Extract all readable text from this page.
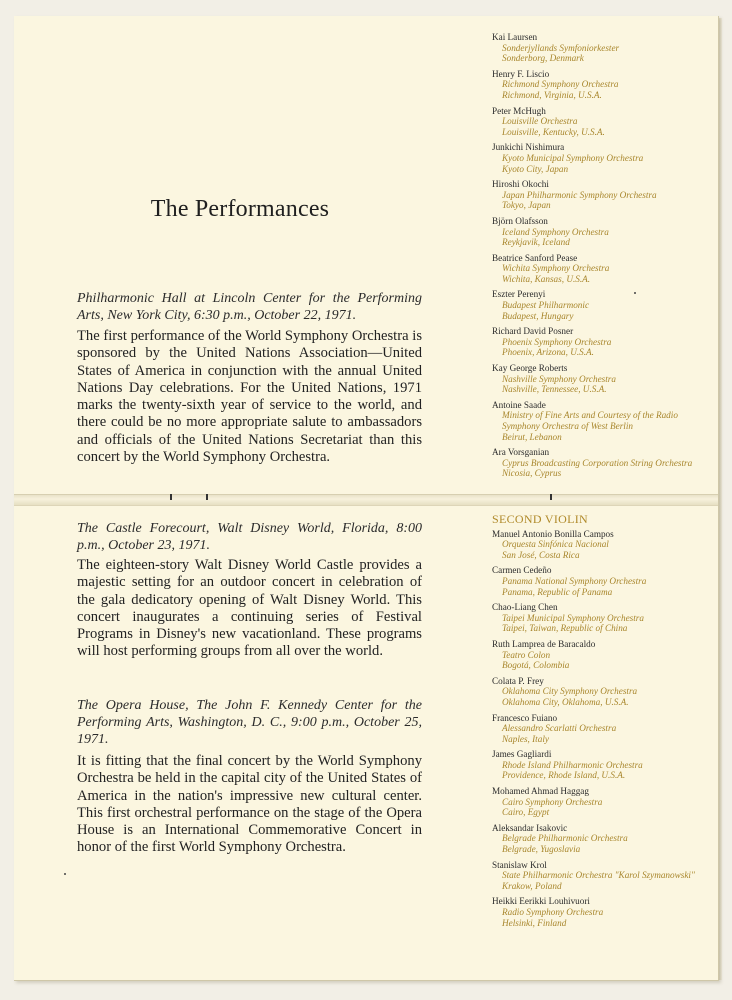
The Performances
Philharmonic Hall at Lincoln Center for the Performing Arts, New York City, 6:30 p.m., October 22, 1971.
The first performance of the World Symphony Orchestra is sponsored by the United Nations Association—United States of America in conjunction with the annual United Nations Day celebrations. For the United Nations, 1971 marks the twenty-sixth year of service to the world, and there could be no more appropriate salute to ambassadors and officials of the United Nations Secretariat than this concert by the World Symphony Orchestra.
The Castle Forecourt, Walt Disney World, Florida, 8:00 p.m., October 23, 1971.
The eighteen-story Walt Disney World Castle provides a majestic setting for an outdoor concert in celebration of the gala dedicatory opening of Walt Disney World. This concert inaugurates a continuing series of Festival Programs in Disney's new vacationland. These programs will host performing groups from all over the world.
The Opera House, The John F. Kennedy Center for the Performing Arts, Washington, D. C., 9:00 p.m., October 25, 1971.
It is fitting that the final concert by the World Symphony Orchestra be held in the capital city of the United States of America in the nation's impressive new cultural center. This first orchestral performance on the stage of the Opera House is an International Commemorative Concert in honor of the first World Symphony Orchestra.
Kai Laursen
Sonderjyllands Symfoniorkester
Sonderborg, Denmark
Henry F. Liscio
Richmond Symphony Orchestra
Richmond, Virginia, U.S.A.
Peter McHugh
Louisville Orchestra
Louisville, Kentucky, U.S.A.
Junkichi Nishimura
Kyoto Municipal Symphony Orchestra
Kyoto City, Japan
Hiroshi Okochi
Japan Philharmonic Symphony Orchestra
Tokyo, Japan
Björn Olafsson
Iceland Symphony Orchestra
Reykjavik, Iceland
Beatrice Sanford Pease
Wichita Symphony Orchestra
Wichita, Kansas, U.S.A.
Eszter Perenyi
Budapest Philharmonic
Budapest, Hungary
Richard David Posner
Phoenix Symphony Orchestra
Phoenix, Arizona, U.S.A.
Kay George Roberts
Nashville Symphony Orchestra
Nashville, Tennessee, U.S.A.
Antoine Saade
Ministry of Fine Arts and Courtesy of the Radio Symphony Orchestra of West Berlin
Beirut, Lebanon
Ara Vorsganian
Cyprus Broadcasting Corporation String Orchestra
Nicosia, Cyprus
SECOND VIOLIN
Manuel Antonio Bonilla Campos
Orquesta Sinfónica Nacional
San José, Costa Rica
Carmen Cedeño
Panama National Symphony Orchestra
Panama, Republic of Panama
Chao-Liang Chen
Taipei Municipal Symphony Orchestra
Taipei, Taiwan, Republic of China
Ruth Lamprea de Baracaldo
Teatro Colon
Bogotá, Colombia
Colata P. Frey
Oklahoma City Symphony Orchestra
Oklahoma City, Oklahoma, U.S.A.
Francesco Fuiano
Alessandro Scarlatti Orchestra
Naples, Italy
James Gagliardi
Rhode Island Philharmonic Orchestra
Providence, Rhode Island, U.S.A.
Mohamed Ahmad Haggag
Cairo Symphony Orchestra
Cairo, Egypt
Aleksandar Isakovic
Belgrade Philharmonic Orchestra
Belgrade, Yugoslavia
Stanislaw Krol
State Philharmonic Orchestra "Karol Szymanowski"
Krakow, Poland
Heikki Eerikki Louhivuori
Radio Symphony Orchestra
Helsinki, Finland
